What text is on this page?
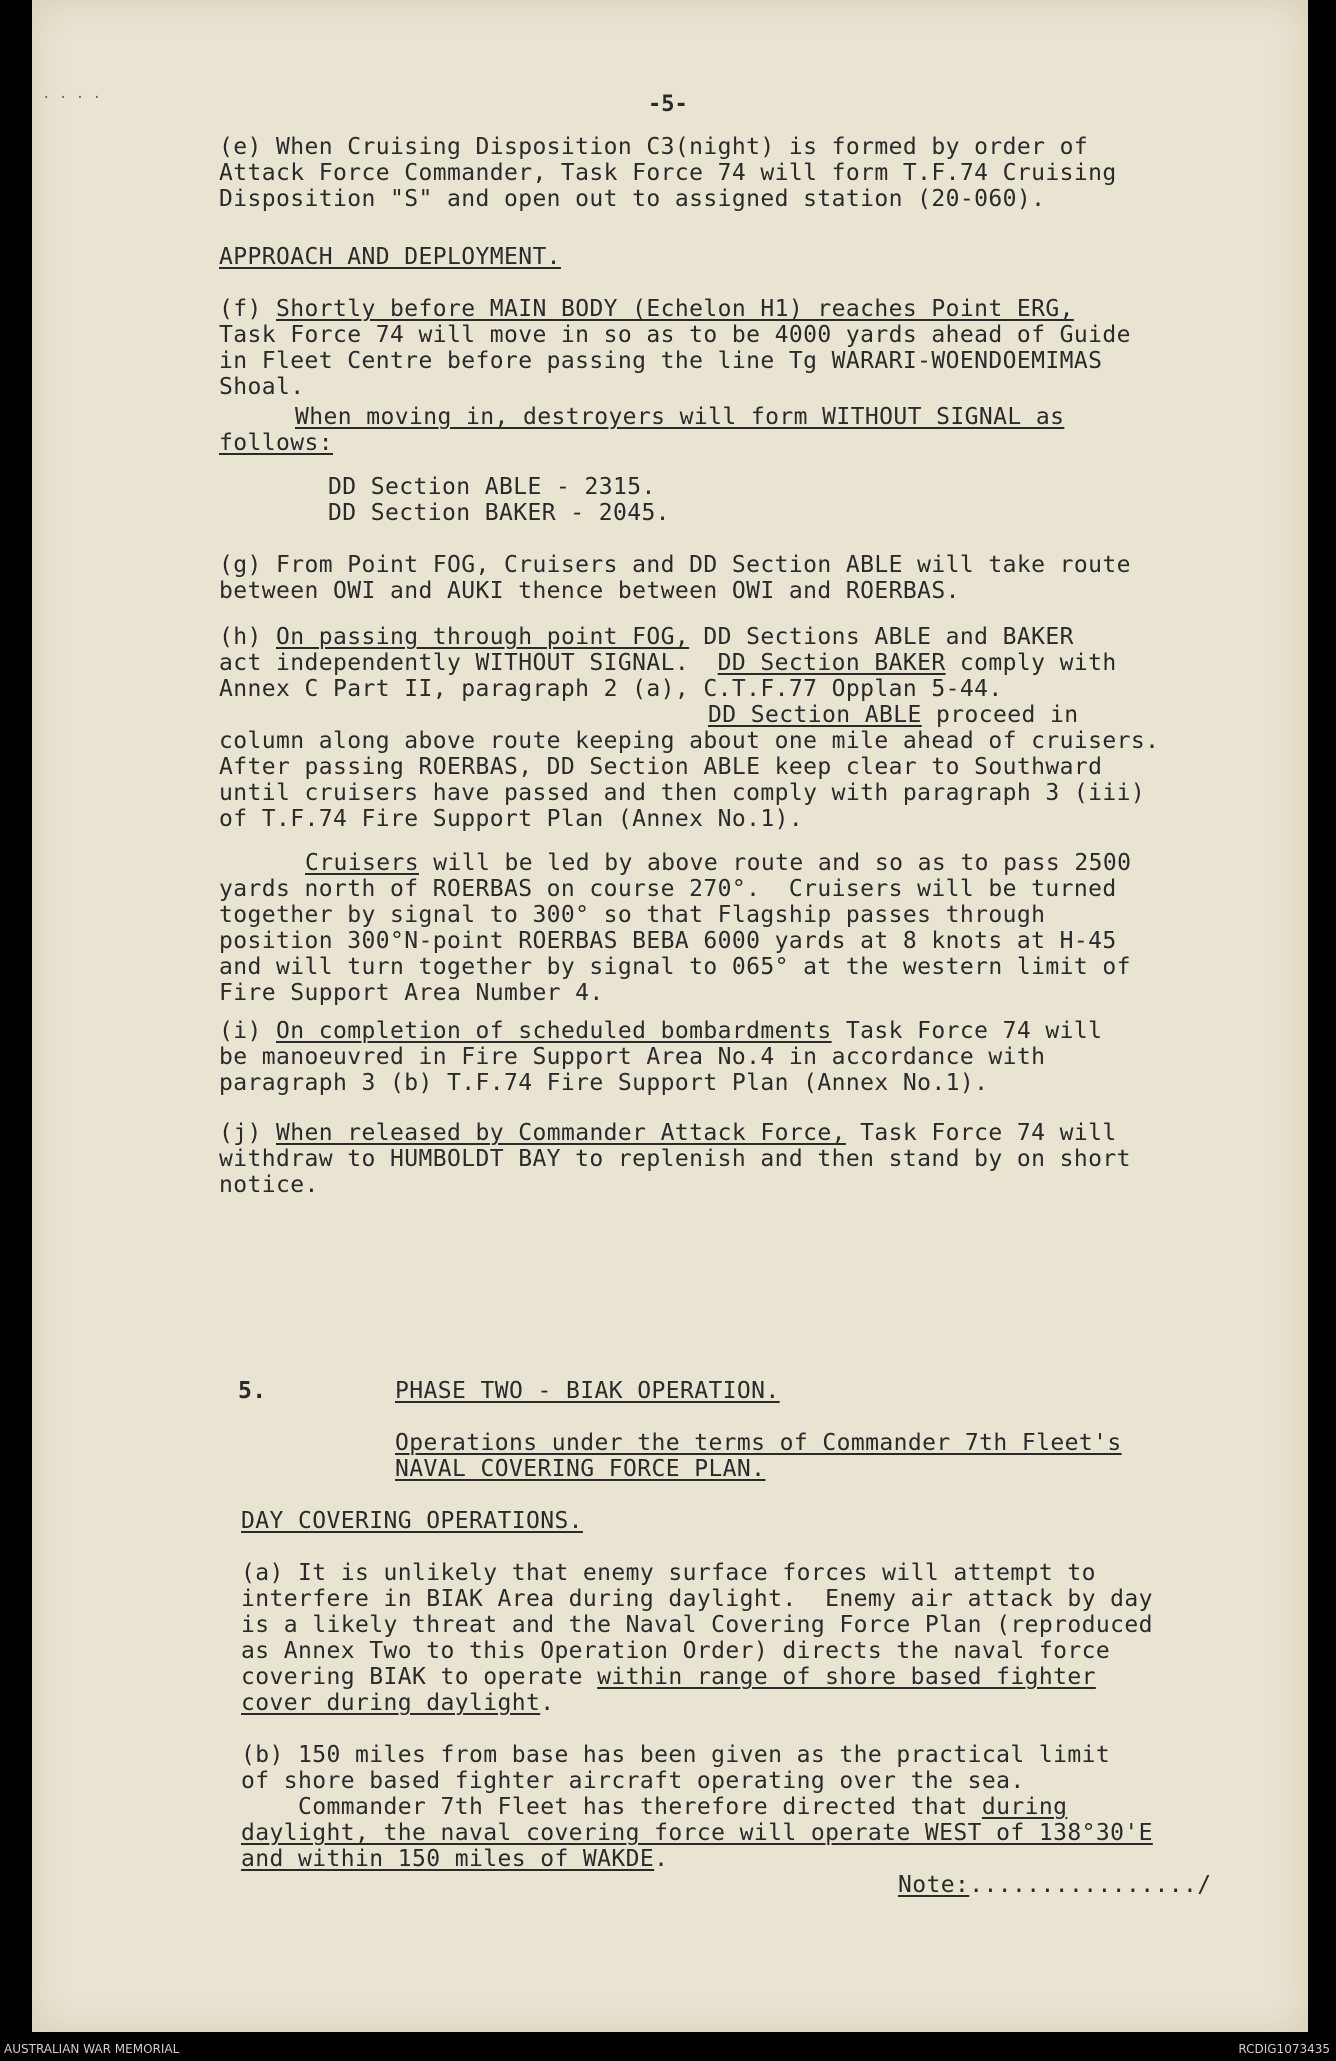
· · · ·	-5-
(e) When Cruising Disposition C3(night) is formed by order of
Attack Force Commander, Task Force 74 will form T.F.74 Cruising
Disposition "S" and open out to assigned station (20-060).
APPROACH AND DEPLOYMENT.
(f) Shortly before MAIN BODY (Echelon H1) reaches Point ERG,
Task Force 74 will move in so as to be 4000 yards ahead of Guide
in Fleet Centre before passing the line Tg WARARI-WOENDOEMIMAS
Shoal.
When moving in, destroyers will form WITHOUT SIGNAL as
follows:
DD Section ABLE - 2315.
DD Section BAKER - 2045.
(g) From Point FOG, Cruisers and DD Section ABLE will take route
between OWI and AUKI thence between OWI and ROERBAS.
(h) On passing through point FOG, DD Sections ABLE and BAKER
act independently WITHOUT SIGNAL.  DD Section BAKER comply with
Annex C Part II, paragraph 2 (a), C.T.F.77 Opplan 5-44.
DD Section ABLE proceed in
column along above route keeping about one mile ahead of cruisers.
After passing ROERBAS, DD Section ABLE keep clear to Southward
until cruisers have passed and then comply with paragraph 3 (iii)
of T.F.74 Fire Support Plan (Annex No.1).
Cruisers will be led by above route and so as to pass 2500
yards north of ROERBAS on course 270°.  Cruisers will be turned
together by signal to 300° so that Flagship passes through
position 300°N-point ROERBAS BEBA 6000 yards at 8 knots at H-45
and will turn together by signal to 065° at the western limit of
Fire Support Area Number 4.
(i) On completion of scheduled bombardments Task Force 74 will
be manoeuvred in Fire Support Area No.4 in accordance with
paragraph 3 (b) T.F.74 Fire Support Plan (Annex No.1).
(j) When released by Commander Attack Force, Task Force 74 will
withdraw to HUMBOLDT BAY to replenish and then stand by on short
notice.
5.	PHASE TWO - BIAK OPERATION.
Operations under the terms of Commander 7th Fleet's
NAVAL COVERING FORCE PLAN.
DAY COVERING OPERATIONS.
(a) It is unlikely that enemy surface forces will attempt to
interfere in BIAK Area during daylight.  Enemy air attack by day
is a likely threat and the Naval Covering Force Plan (reproduced
as Annex Two to this Operation Order) directs the naval force
covering BIAK to operate within range of shore based fighter
cover during daylight.
(b) 150 miles from base has been given as the practical limit
of shore based fighter aircraft operating over the sea.
Commander 7th Fleet has therefore directed that during
daylight, the naval covering force will operate WEST of 138°30'E
and within 150 miles of WAKDE.
Note:................/
AUSTRALIAN WAR MEMORIAL	RCDIG1073435
